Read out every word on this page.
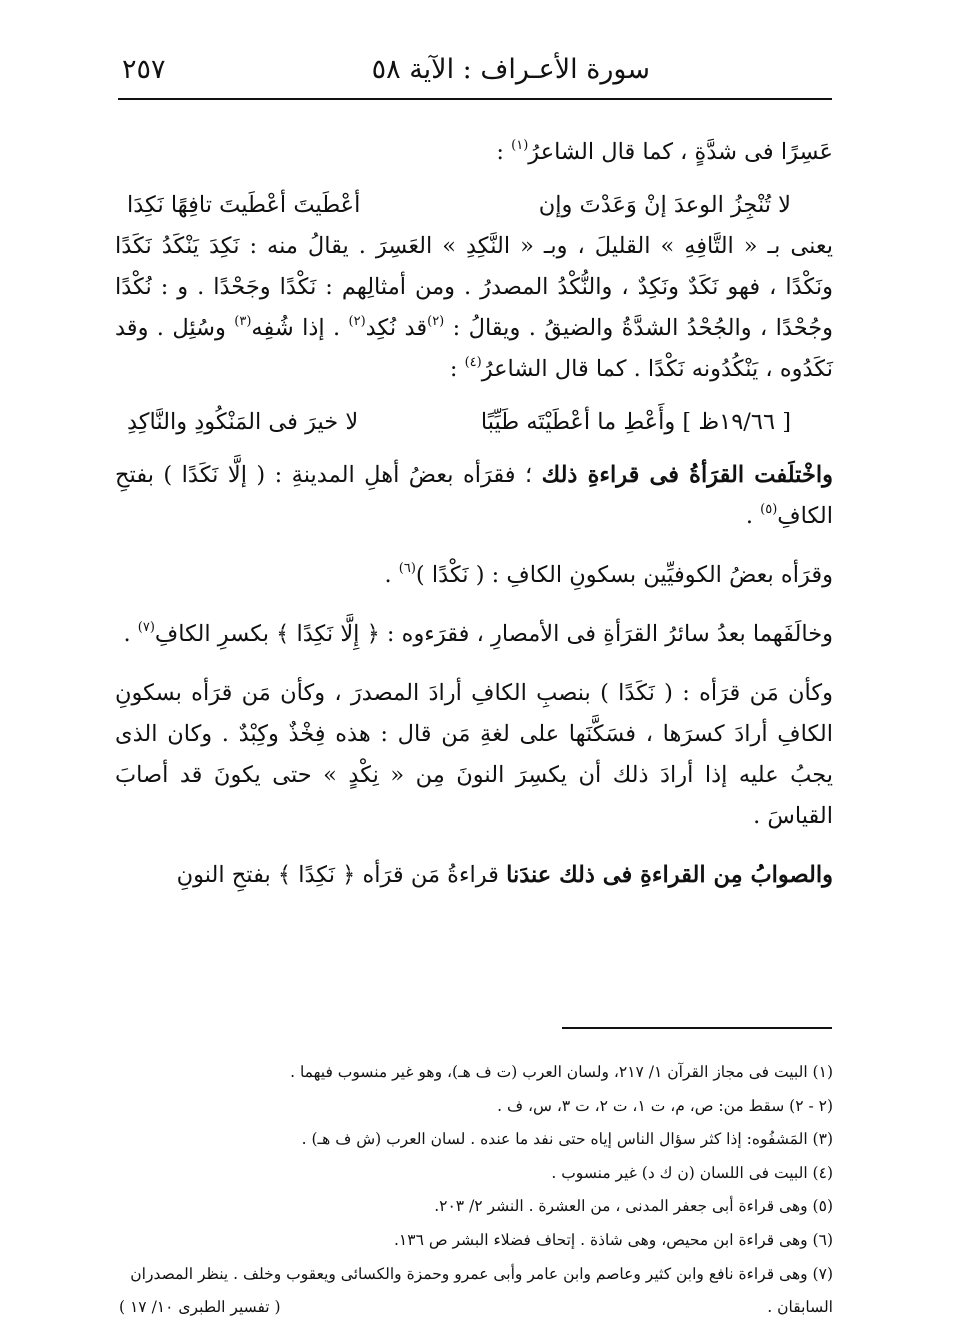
سورة الأعـراف : الآية ٥٨
٢٥٧

عَسِرًا فى شدَّةٍ ، كما قال الشاعرُ$^{(١)}$ :

لا تُنْجِزُ الوعدَ إنْ وَعَدْتَ وإن
أعْطَيتَ أعْطَيتَ تافِهًا نَكِدَا

يعنى بـ « التَّافِهِ » القليلَ ، وبـ « النَّكِدِ » العَسِرَ . يقالُ منه : نَكِدَ يَنْكَدُ نَكَدًا ونَكْدًا ، فهو نَكَدٌ ونَكِدٌ ، والنُّكْدُ المصدرُ . ومن أمثالِهم : نَكْدًا وجَحْدًا . و : نُكْدًا وجُحْدًا ، والجُحْدُ الشدَّةُ والضيقُ . ويقالُ : $^{(٢)}$قد نُكِد$^{(٢)}$ . إذا شُفِه$^{(٣)}$ وسُئِل . وقد نَكَدُوه ، يَنْكُدُونه نَكْدًا . كما قال الشاعرُ$^{(٤)}$ :

[ ١٩/٦٦ظ ] وأَعْطِ ما أعْطَيْتَه طَيِّبًا
لا خيرَ فى المَنْكُودِ والنَّاكِدِ

واخْتلَفت القرَأةُ فى قراءةِ ذلك ؛ فقرَأه بعضُ أهلِ المدينةِ : ( إلَّا نَكَدًا ) بفتحِ الكافِ$^{(٥)}$ .

وقرَأه بعضُ الكوفيِّين بسكونِ الكافِ : ( نَكْدًا )$^{(٦)}$ .

وخالَفَهما بعدُ سائرُ القرَأةِ فى الأمصارِ ، فقرَءوه : ﴿ إِلَّا نَكِدًا ﴾ بكسرِ الكافِ$^{(٧)}$ .

وكأن مَن قرَأه : ( نَكَدًا ) بنصبِ الكافِ أرادَ المصدرَ ، وكأن مَن قرَأه بسكونِ الكافِ أرادَ كسرَها ، فسَكَّنَها على لغةِ مَن قال : هذه فِخْذٌ وكِبْدٌ . وكان الذى يجبُ عليه إذا أرادَ ذلك أن يكسِرَ النونَ مِن « نِكْدٍ » حتى يكونَ قد أصابَ القياسَ .

والصوابُ مِن القراءةِ فى ذلك عندَنا قراءةُ مَن قرَأه ﴿ نَكِدًا ﴾ بفتحِ النونِ

(١) البيت فى مجاز القرآن ١/ ٢١٧، ولسان العرب (ت ف هـ)، وهو غير منسوب فيهما .

(٢ - ٢) سقط من: ص، م، ت ١، ت ٢، ت ٣، س، ف .

(٣) المَشفُوه: إذا كثر سؤال الناس إياه حتى نفد ما عنده . لسان العرب (ش ف هـ) .

(٤) البيت فى اللسان (ن ك د) غير منسوب .

(٥) وهى قراءة أبى جعفر المدنى ، من العشرة . النشر ٢/ ٢٠٣.

(٦) وهى قراءة ابن محيص، وهى شاذة . إتحاف فضلاء البشر ص ١٣٦.

(٧) وهى قراءة نافع وابن كثير وعاصم وابن عامر وأبى عمرو وحمزة والكسائى ويعقوب وخلف . ينظر المصدران السابقان .

( تفسير الطبرى ١٠/ ١٧ )
